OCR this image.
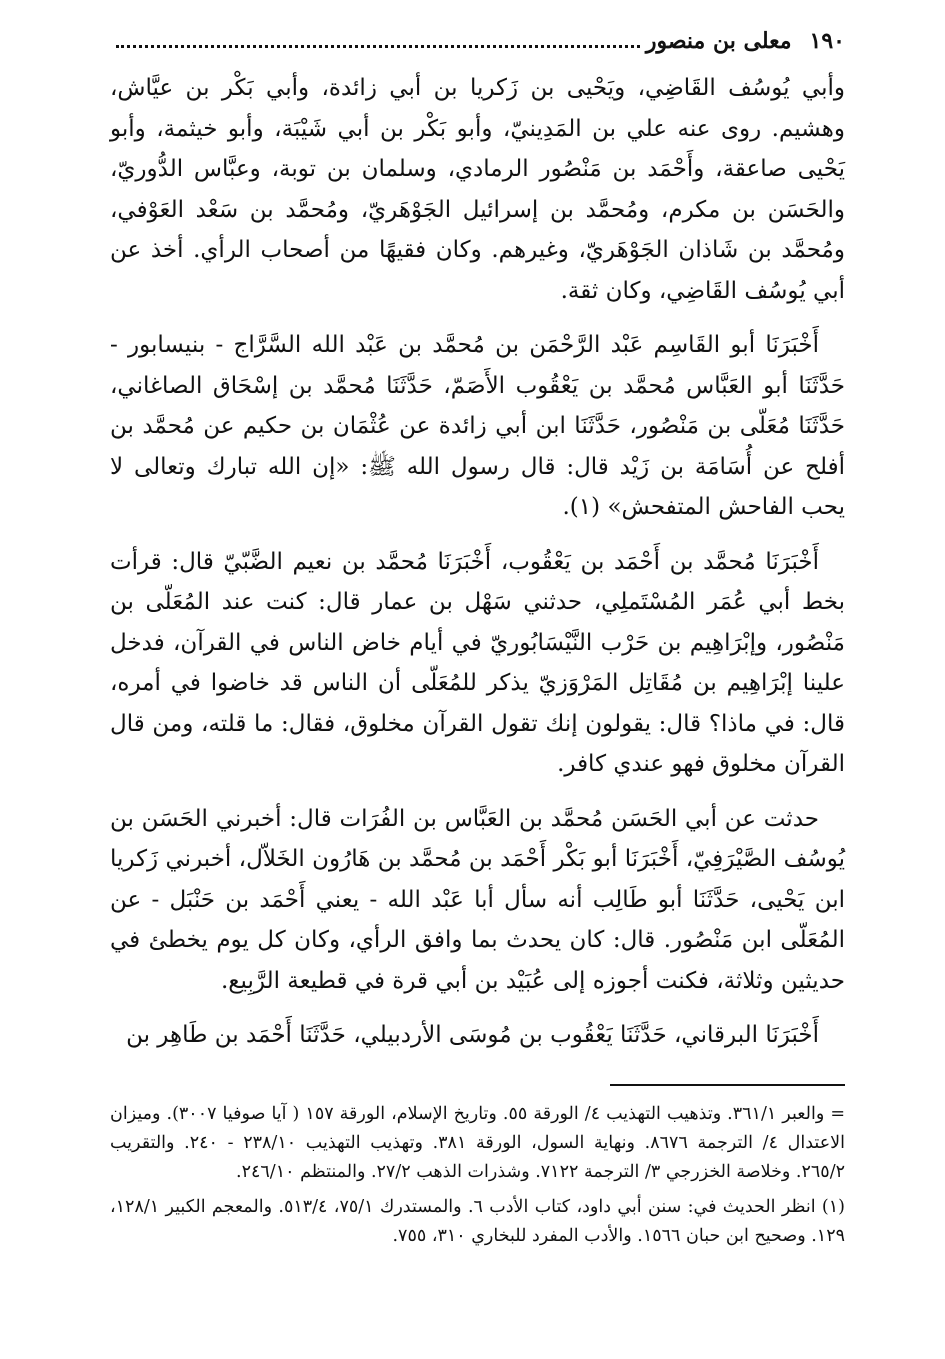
١٩٠
معلى بن منصور

وأبي يُوسُف القَاضِي، ويَحْيى بن زَكريا بن أبي زائدة، وأبي بَكْر بن عيَّاش، وهشيم. روى عنه علي بن المَدِينيّ، وأبو بَكْر بن أبي شَيْبَة، وأبو خيثمة، وأبو يَحْيى صاعقة، وأَحْمَد بن مَنْصُور الرمادي، وسلمان بن توبة، وعبَّاس الدُّوريّ، والحَسَن بن مكرم، ومُحمَّد بن إسرائيل الجَوْهَريّ، ومُحمَّد بن سَعْد العَوْفي، ومُحمَّد بن شَاذان الجَوْهَريّ، وغيرهم. وكان فقيهًا من أصحاب الرأي. أخذ عن أبي يُوسُف القَاضِي، وكان ثقة.

أَخْبَرَنَا أبو القَاسِم عَبْد الرَّحْمَن بن مُحمَّد بن عَبْد الله السَّرَّاج - بنيسابور - حَدَّثَنَا أبو العَبَّاس مُحمَّد بن يَعْقُوب الأَصَمّ، حَدَّثَنَا مُحمَّد بن إسْحَاق الصاغاني، حَدَّثَنَا مُعَلّى بن مَنْصُور، حَدَّثَنَا ابن أبي زائدة عن عُثْمَان بن حكيم عن مُحمَّد بن أفلح عن أُسَامَة بن زَيْد قال: قال رسول الله ﷺ: «إن الله تبارك وتعالى لا يحب الفاحش المتفحش» (١).

أَخْبَرَنَا مُحمَّد بن أَحْمَد بن يَعْقُوب، أَخْبَرَنَا مُحمَّد بن نعيم الضَّبّيّ قال: قرأت بخط أبي عُمَر المُسْتَملِي، حدثني سَهْل بن عمار قال: كنت عند المُعَلّى بن مَنْصُور، وإبْرَاهِيم بن حَرْب النَّيْسَابُوريّ في أيام خاض الناس في القرآن، فدخل علينا إبْرَاهِيم بن مُقَاتِل المَرْوَزيّ يذكر للمُعَلّى أن الناس قد خاضوا في أمره، قال: في ماذا؟ قال: يقولون إنك تقول القرآن مخلوق، فقال: ما قلته، ومن قال القرآن مخلوق فهو عندي كافر.

حدثت عن أبي الحَسَن مُحمَّد بن العَبَّاس بن الفُرَات قال: أخبرني الحَسَن بن يُوسُف الصَّيْرَفِيّ، أَخْبَرَنَا أبو بَكْر أَحْمَد بن مُحمَّد بن هَارُون الخَلاّل، أخبرني زَكريا ابن يَحْيى، حَدَّثَنَا أبو طَالِب أنه سأل أبا عَبْد الله - يعني أَحْمَد بن حَنْبَل - عن المُعَلّى ابن مَنْصُور. قال: كان يحدث بما وافق الرأي، وكان كل يوم يخطئ في حديثين وثلاثة، فكنت أجوزه إلى عُبَيْد بن أبي قرة في قطيعة الرَّبِيع.

أَخْبَرَنَا البرقاني، حَدَّثَنَا يَعْقُوب بن مُوسَى الأردبيلي، حَدَّثَنَا أَحْمَد بن طَاهِر بن

= والعبر ٣٦١/١. وتذهيب التهذيب ٤/ الورقة ٥٥. وتاريخ الإسلام، الورقة ١٥٧ ( آيا صوفيا ٣٠٠٧). وميزان الاعتدال ٤/ الترجمة ٨٦٧٦. ونهاية السول، الورقة ٣٨١. وتهذيب التهذيب ٢٣٨/١٠ - ٢٤٠. والتقريب ٢٦٥/٢. وخلاصة الخزرجي ٣/ الترجمة ٧١٢٢. وشذرات الذهب ٢٧/٢. والمنتظم ٢٤٦/١٠.

(١) انظر الحديث في: سنن أبي داود، كتاب الأدب ٦. والمستدرك ٧٥/١، ٥١٣/٤. والمعجم الكبير ١٢٨/١، ١٢٩. وصحيح ابن حبان ١٥٦٦. والأدب المفرد للبخاري ٣١٠، ٧٥٥.
